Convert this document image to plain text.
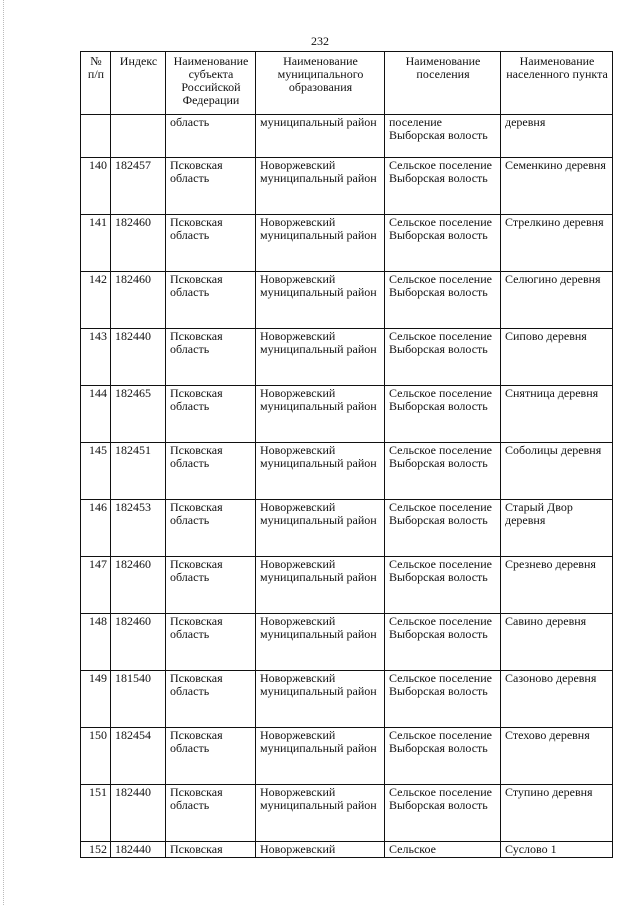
232
№ п/п	Индекс	Наименование субъекта Российской Федерации	Наименование муниципального образования	Наименование поселения	Наименование населенного пункта
		область	муниципальный район	поселение Выборская волость	деревня
140	182457	Псковская область	Новоржевский муниципальный район	Сельское поселение Выборская волость	Семенкино деревня
141	182460	Псковская область	Новоржевский муниципальный район	Сельское поселение Выборская волость	Стрелкино деревня
142	182460	Псковская область	Новоржевский муниципальный район	Сельское поселение Выборская волость	Селюгино деревня
143	182440	Псковская область	Новоржевский муниципальный район	Сельское поселение Выборская волость	Сипово деревня
144	182465	Псковская область	Новоржевский муниципальный район	Сельское поселение Выборская волость	Снятница деревня
145	182451	Псковская область	Новоржевский муниципальный район	Сельское поселение Выборская волость	Соболицы деревня
146	182453	Псковская область	Новоржевский муниципальный район	Сельское поселение Выборская волость	Старый Двор деревня
147	182460	Псковская область	Новоржевский муниципальный район	Сельское поселение Выборская волость	Срезнево деревня
148	182460	Псковская область	Новоржевский муниципальный район	Сельское поселение Выборская волость	Савино деревня
149	181540	Псковская область	Новоржевский муниципальный район	Сельское поселение Выборская волость	Сазоново деревня
150	182454	Псковская область	Новоржевский муниципальный район	Сельское поселение Выборская волость	Стехово деревня
151	182440	Псковская область	Новоржевский муниципальный район	Сельское поселение Выборская волость	Ступино деревня
152	182440	Псковская	Новоржевский	Сельское	Суслово 1
